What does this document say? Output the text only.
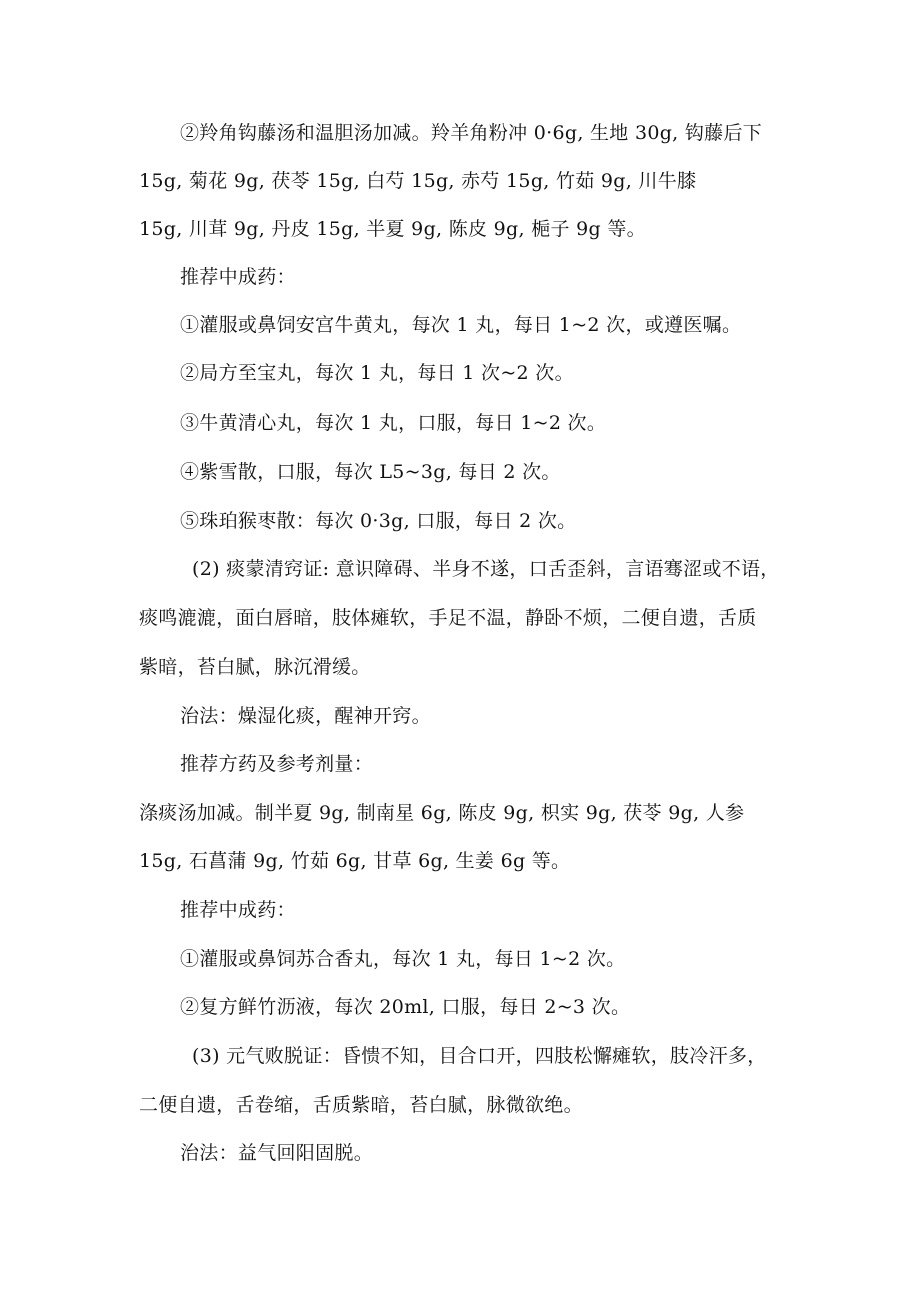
②羚角钩藤汤和温胆汤加减。羚羊角粉冲 0·6g, 生地 30g, 钩藤后下
15g, 菊花 9g, 茯苓 15g, 白芍 15g, 赤芍 15g, 竹茹 9g, 川牛膝
15g, 川茸 9g, 丹皮 15g, 半夏 9g, 陈皮 9g, 梔子 9g 等。
推荐中成药：
①灌服或鼻饲安宫牛黄丸，每次 1 丸，每日 1~2 次，或遵医嘱。
②局方至宝丸，每次 1 丸，每日 1 次~2 次。
③牛黄清心丸，每次 1 丸，口服，每日 1~2 次。
④紫雪散，口服，每次 L5~3g, 每日 2 次。
⑤珠珀猴枣散：每次 0·3g, 口服，每日 2 次。
(2) 痰蒙清窍证: 意识障碍、半身不遂，口舌歪斜，言语骞涩或不语，
痰鸣漉漉，面白唇暗，肢体瘫软，手足不温，静卧不烦，二便自遗，舌质
紫暗，苔白腻，脉沉滑缓。
治法：燥湿化痰，醒神开窍。
推荐方药及参考剂量：
涤痰汤加减。制半夏 9g, 制南星 6g, 陈皮 9g, 枳实 9g, 茯苓 9g, 人参
15g, 石菖蒲 9g, 竹茹 6g, 甘草 6g, 生姜 6g 等。
推荐中成药：
①灌服或鼻饲苏合香丸，每次 1 丸，每日 1~2 次。
②复方鲜竹沥液，每次 20ml, 口服，每日 2~3 次。
(3) 元气败脱证：昏愦不知，目合口开，四肢松懈瘫软，肢冷汗多，
二便自遗，舌卷缩，舌质紫暗，苔白腻，脉微欲绝。
治法：益气回阳固脱。
